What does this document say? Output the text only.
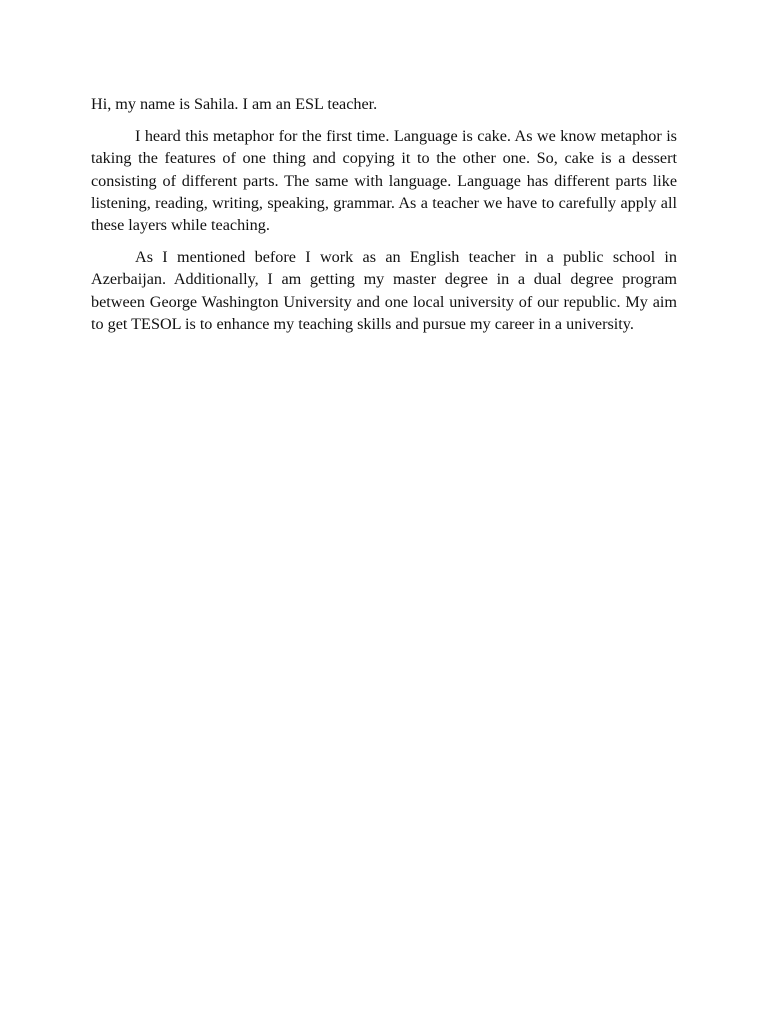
Hi, my name is Sahila. I am an ESL teacher.

I heard this metaphor for the first time. Language is cake. As we know metaphor is taking the features of one thing and copying it to the other one. So, cake is a dessert consisting of different parts. The same with language. Language has different parts like listening, reading, writing, speaking, grammar. As a teacher we have to carefully apply all these layers while teaching.

As I mentioned before I work as an English teacher in a public school in Azerbaijan. Additionally, I am getting my master degree in a dual degree program between George Washington University and one local university of our republic. My aim to get TESOL is to enhance my teaching skills and pursue my career in a university.
